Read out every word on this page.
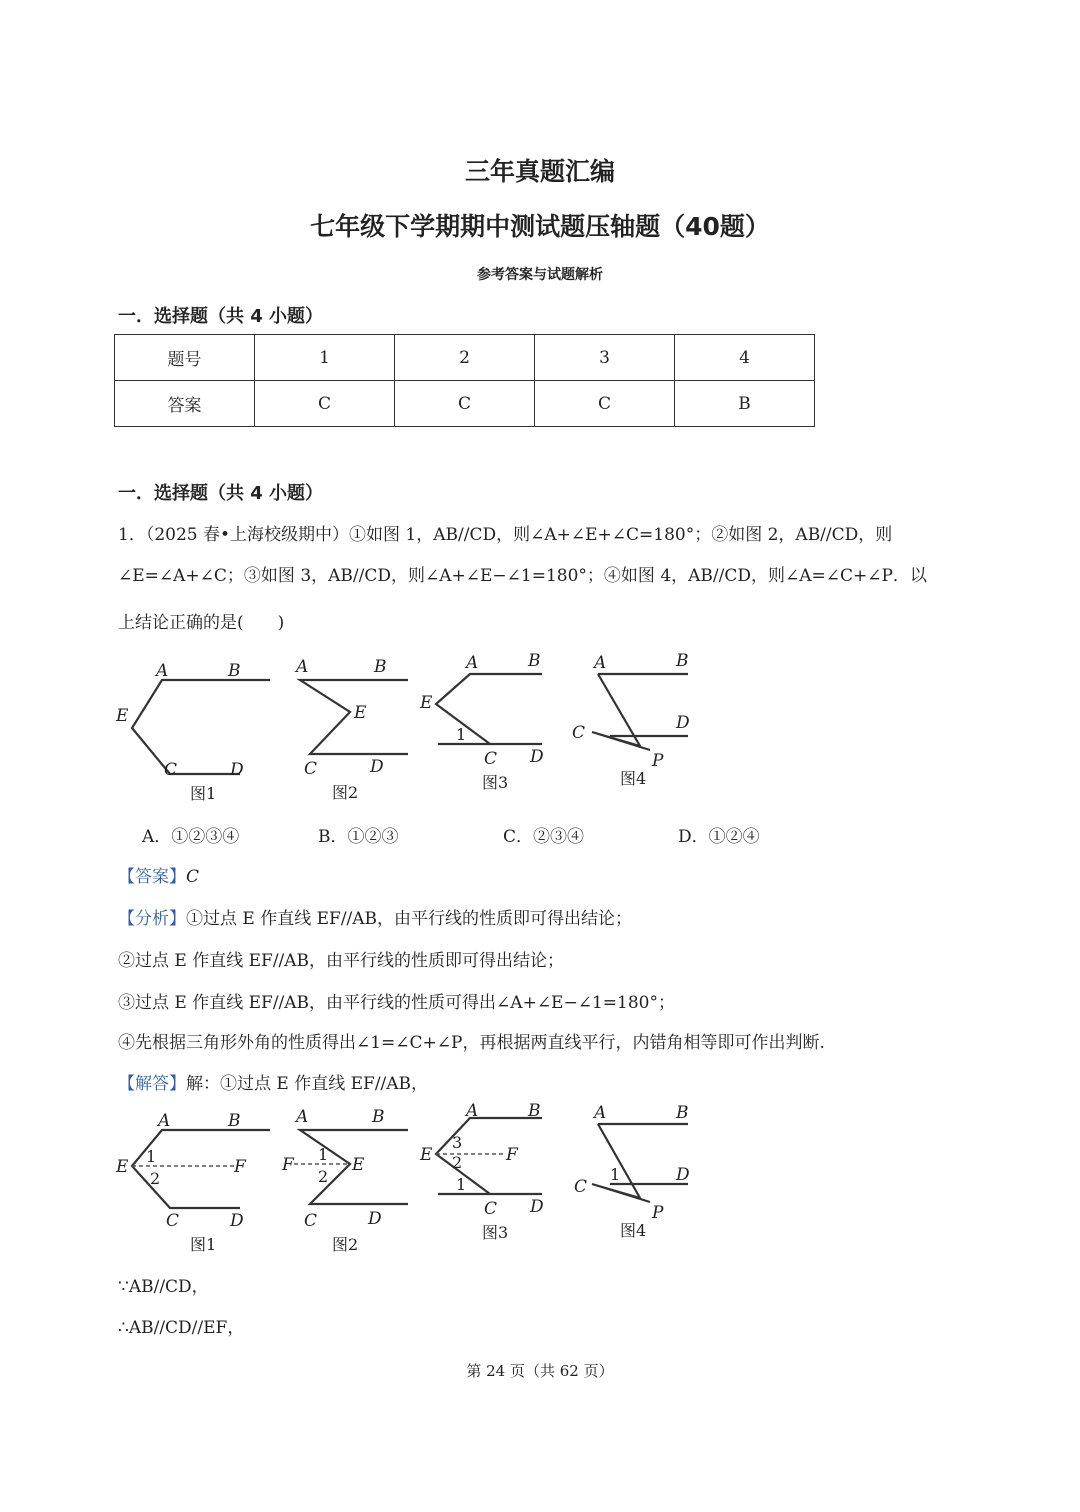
三年真题汇编
七年级下学期期中测试题压轴题（40题）
参考答案与试题解析
一．选择题（共 4 小题）
题号	1	2	3	4
答案	C	C	C	B
一．选择题（共 4 小题）
1．（2025 春•上海校级期中）①如图 1，AB//CD，则∠A+∠E+∠C=180°；②如图 2，AB//CD，则
∠E=∠A+∠C；③如图 3，AB//CD，则∠A+∠E−∠1=180°；④如图 4，AB//CD，则∠A=∠C+∠P．以
上结论正确的是(　　)
A	B
E
C	D
图1
A	B
E
C	D
图2
A	B
E
1
C D
图3
A	B
C	D
P
图4
A．①②③④	B．①②③	C．②③④	D．①②④
【答案】C
【分析】①过点 E 作直线 EF//AB，由平行线的性质即可得出结论；
②过点 E 作直线 EF//AB，由平行线的性质即可得出结论；
③过点 E 作直线 EF//AB，由平行线的性质可得出∠A+∠E−∠1=180°；
④先根据三角形外角的性质得出∠1=∠C+∠P，再根据两直线平行，内错角相等即可作出判断.
【解答】解：①过点 E 作直线 EF//AB，
A	B
E	F
1
2
C	D
图1
A	B
F	E
1
2
C	D
图2
A	B
E	F
3
2
1
C D
图3
A	B
1
C
D
P
图4
∵AB//CD，
∴AB//CD//EF，
第 24 页（共 62 页）
